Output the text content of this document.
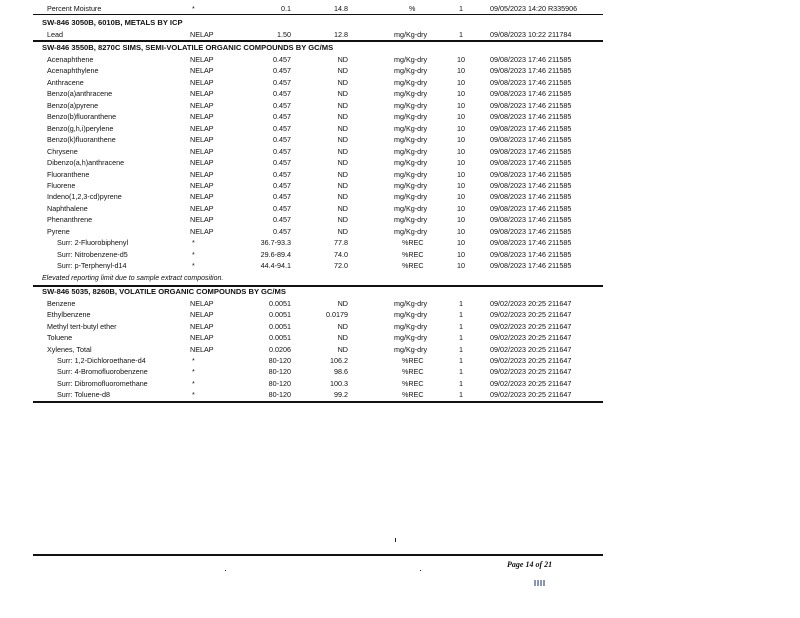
Percent Moisture	*	0.1	14.8	%	1	09/05/2023 14:20 R335906
SW-846 3050B, 6010B, METALS BY ICP
Lead	NELAP	1.50	12.8	mg/Kg-dry	1	09/08/2023 10:22 211784
SW-846 3550B, 8270C SIMS, SEMI-VOLATILE ORGANIC COMPOUNDS BY GC/MS
Acenaphthene	NELAP	0.457	ND	mg/Kg-dry	10	09/08/2023 17:46 211585
Acenaphthylene	NELAP	0.457	ND	mg/Kg-dry	10	09/08/2023 17:46 211585
Anthracene	NELAP	0.457	ND	mg/Kg-dry	10	09/08/2023 17:46 211585
Benzo(a)anthracene	NELAP	0.457	ND	mg/Kg-dry	10	09/08/2023 17:46 211585
Benzo(a)pyrene	NELAP	0.457	ND	mg/Kg-dry	10	09/08/2023 17:46 211585
Benzo(b)fluoranthene	NELAP	0.457	ND	mg/Kg-dry	10	09/08/2023 17:46 211585
Benzo(g,h,i)perylene	NELAP	0.457	ND	mg/Kg-dry	10	09/08/2023 17:46 211585
Benzo(k)fluoranthene	NELAP	0.457	ND	mg/Kg-dry	10	09/08/2023 17:46 211585
Chrysene	NELAP	0.457	ND	mg/Kg-dry	10	09/08/2023 17:46 211585
Dibenzo(a,h)anthracene	NELAP	0.457	ND	mg/Kg-dry	10	09/08/2023 17:46 211585
Fluoranthene	NELAP	0.457	ND	mg/Kg-dry	10	09/08/2023 17:46 211585
Fluorene	NELAP	0.457	ND	mg/Kg-dry	10	09/08/2023 17:46 211585
Indeno(1,2,3-cd)pyrene	NELAP	0.457	ND	mg/Kg-dry	10	09/08/2023 17:46 211585
Naphthalene	NELAP	0.457	ND	mg/Kg-dry	10	09/08/2023 17:46 211585
Phenanthrene	NELAP	0.457	ND	mg/Kg-dry	10	09/08/2023 17:46 211585
Pyrene	NELAP	0.457	ND	mg/Kg-dry	10	09/08/2023 17:46 211585
Surr: 2-Fluorobiphenyl	*	36.7-93.3	77.8	%REC	10	09/08/2023 17:46 211585
Surr: Nitrobenzene-d5	*	29.6-89.4	74.0	%REC	10	09/08/2023 17:46 211585
Surr: p-Terphenyl-d14	*	44.4-94.1	72.0	%REC	10	09/08/2023 17:46 211585
Elevated reporting limit due to sample extract composition.
SW-846 5035, 8260B, VOLATILE ORGANIC COMPOUNDS BY GC/MS
Benzene	NELAP	0.0051	ND	mg/Kg-dry	1	09/02/2023 20:25 211647
Ethylbenzene	NELAP	0.0051	0.0179	mg/Kg-dry	1	09/02/2023 20:25 211647
Methyl tert-butyl ether	NELAP	0.0051	ND	mg/Kg-dry	1	09/02/2023 20:25 211647
Toluene	NELAP	0.0051	ND	mg/Kg-dry	1	09/02/2023 20:25 211647
Xylenes, Total	NELAP	0.0206	ND	mg/Kg-dry	1	09/02/2023 20:25 211647
Surr: 1,2-Dichloroethane-d4	*	80-120	106.2	%REC	1	09/02/2023 20:25 211647
Surr: 4-Bromofluorobenzene	*	80-120	98.6	%REC	1	09/02/2023 20:25 211647
Surr: Dibromofluoromethane	*	80-120	100.3	%REC	1	09/02/2023 20:25 211647
Surr: Toluene-d8	*	80-120	99.2	%REC	1	09/02/2023 20:25 211647
Page 14 of 21
